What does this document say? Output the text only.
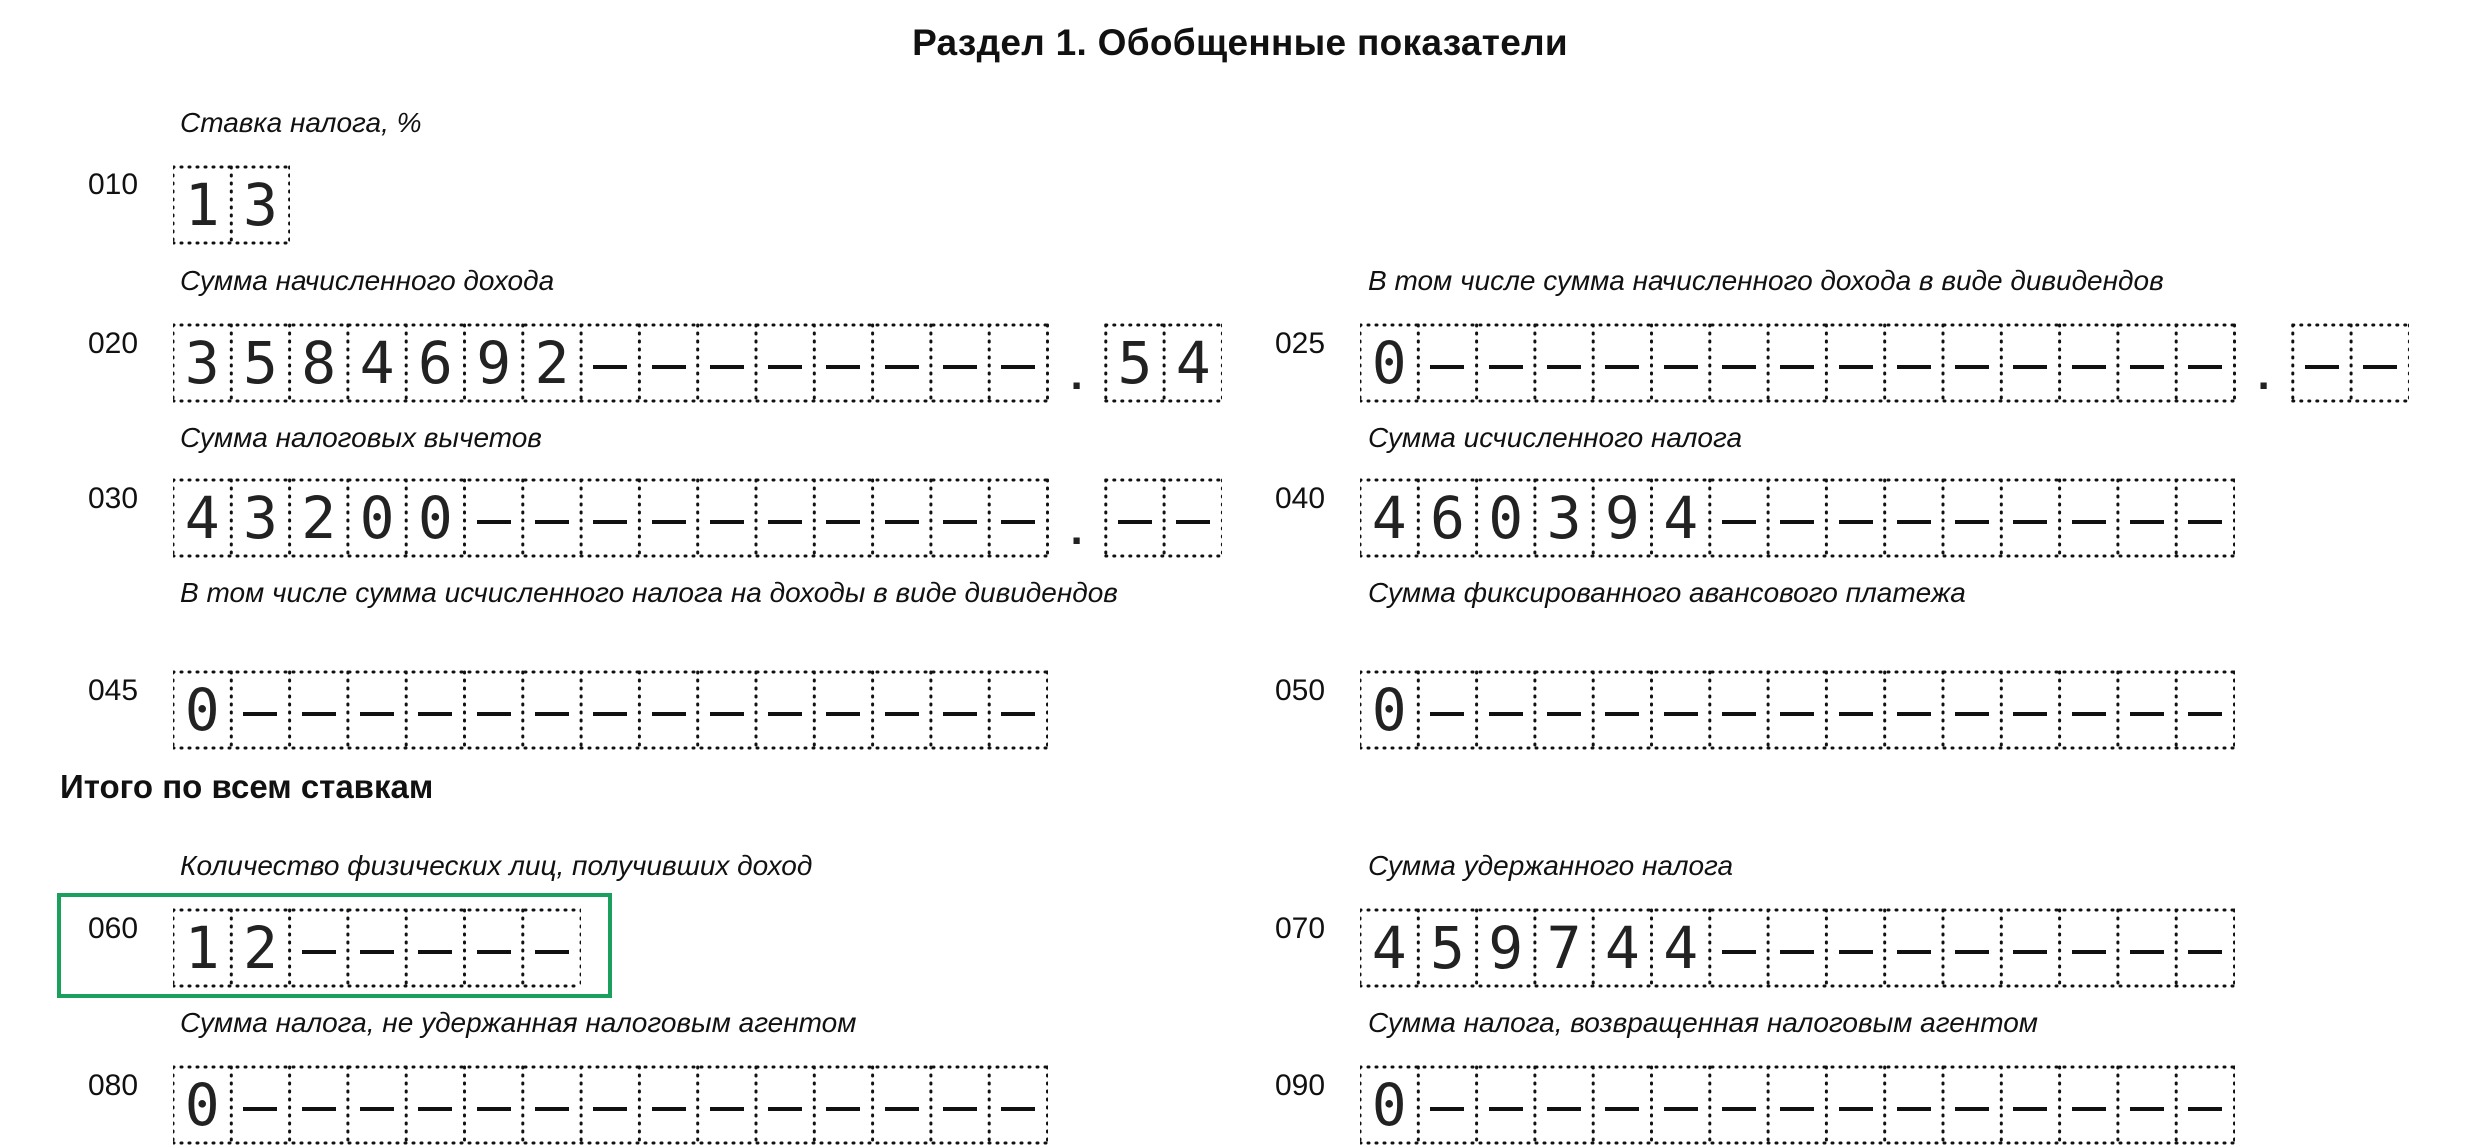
Раздел 1. Обобщенные показатели
Итого по всем ставкам
Ставка налога, %
010 1 3
Сумма начисленного дохода
020 3 5 8 4 6 9 2	. 5 4
В том числе сумма начисленного дохода в виде дивидендов
025 0	.
Сумма налоговых вычетов
030 4 3 2 0 0	.
Сумма исчисленного налога
040 4 6 0 3 9 4
В том числе сумма исчисленного налога на доходы в виде дивидендов
045 0
Сумма фиксированного авансового платежа
050 0
Количество физических лиц, получивших доход
060 1 2
Сумма удержанного налога
070 4 5 9 7 4 4
Сумма налога, не удержанная налоговым агентом
080 0
Сумма налога, возвращенная налоговым агентом
090 0
